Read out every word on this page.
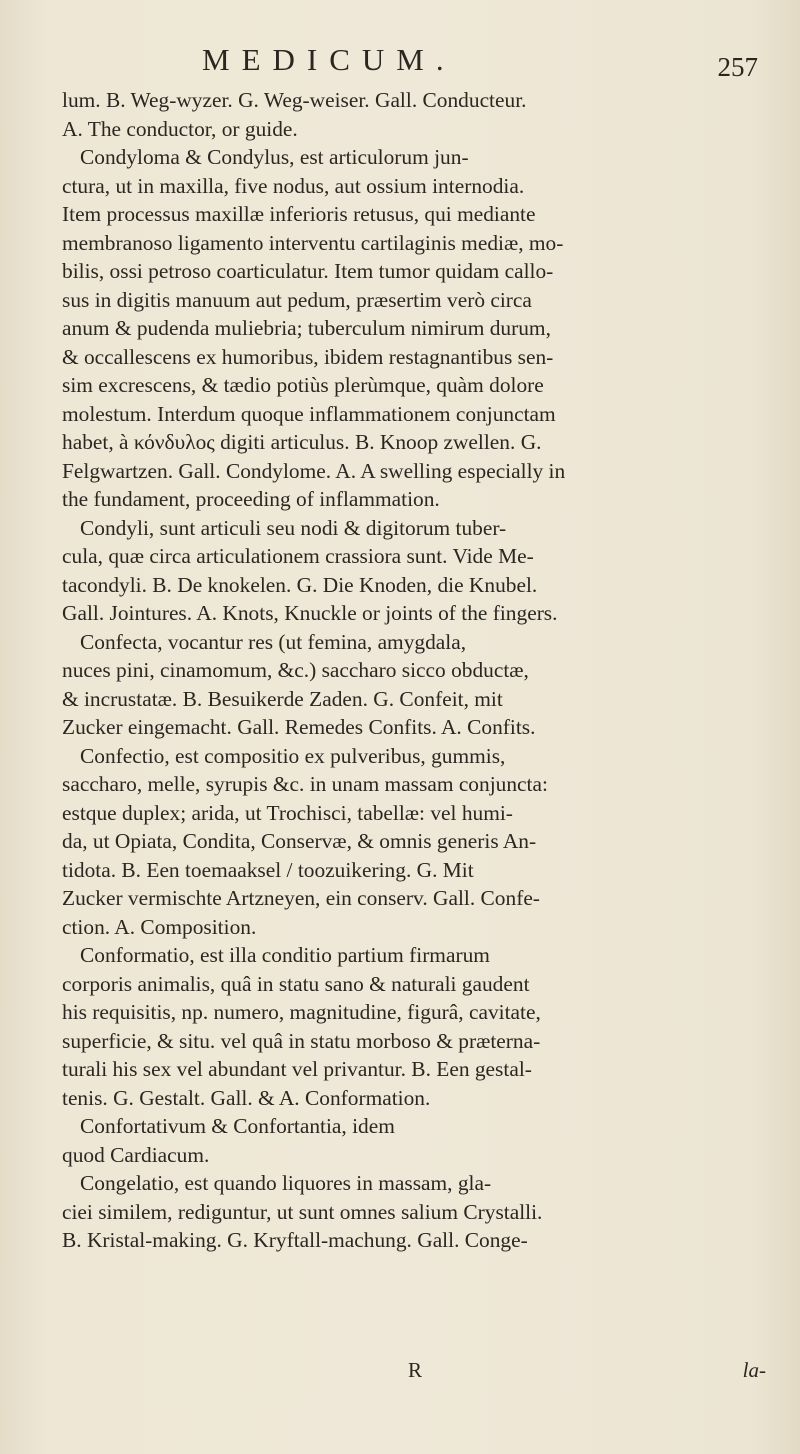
MEDICUM.	257

lum. B. Weg-wyzer. G. Weg-weiser. Gall. Conducteur.

A. The conductor, or guide.

Condyloma & Condylus, est articulorum jun-

ctura, ut in maxilla, five nodus, aut ossium internodia.

Item processus maxillæ inferioris retusus, qui mediante

membranoso ligamento interventu cartilaginis mediæ, mo-

bilis, ossi petroso coarticulatur. Item tumor quidam callo-

sus in digitis manuum aut pedum, præsertim verò circa

anum & pudenda muliebria; tuberculum nimirum durum,

& occallescens ex humoribus, ibidem restagnantibus sen-

sim excrescens, & tædio potiùs plerùmque, quàm dolore

molestum. Interdum quoque inflammationem conjunctam

habet, à κόνδυλος digiti articulus. B. Knoop zwellen. G.

Felgwartzen. Gall. Condylome. A. A swelling especially in

the fundament, proceeding of inflammation.

Condyli, sunt articuli seu nodi & digitorum tuber-

cula, quæ circa articulationem crassiora sunt. Vide Me-

tacondyli. B. De knokelen. G. Die Knoden, die Knubel.

Gall. Jointures. A. Knots, Knuckle or joints of the fingers.

Confecta, vocantur res (ut femina, amygdala,

nuces pini, cinamomum, &c.) saccharo sicco obductæ,

& incrustatæ. B. Besuikerde Zaden. G. Confeit, mit

Zucker eingemacht. Gall. Remedes Confits. A. Confits.

Confectio, est compositio ex pulveribus, gummis,

saccharo, melle, syrupis &c. in unam massam conjuncta:

estque duplex; arida, ut Trochisci, tabellæ: vel humi-

da, ut Opiata, Condita, Conservæ, & omnis generis An-

tidota. B. Een toemaaksel / toozuikering. G. Mit

Zucker vermischte Artzneyen, ein conserv. Gall. Confe-

ction. A. Composition.

Conformatio, est illa conditio partium firmarum

corporis animalis, quâ in statu sano & naturali gaudent

his requisitis, np. numero, magnitudine, figurâ, cavitate,

superficie, & situ. vel quâ in statu morboso & præterna-

turali his sex vel abundant vel privantur. B. Een gestal-

tenis. G. Gestalt. Gall. & A. Conformation.

Confortativum & Confortantia, idem

quod Cardiacum.

Congelatio, est quando liquores in massam, gla-

ciei similem, rediguntur, ut sunt omnes salium Crystalli.

B. Kristal-making. G. Kryftall-machung. Gall. Conge-

R	la-
